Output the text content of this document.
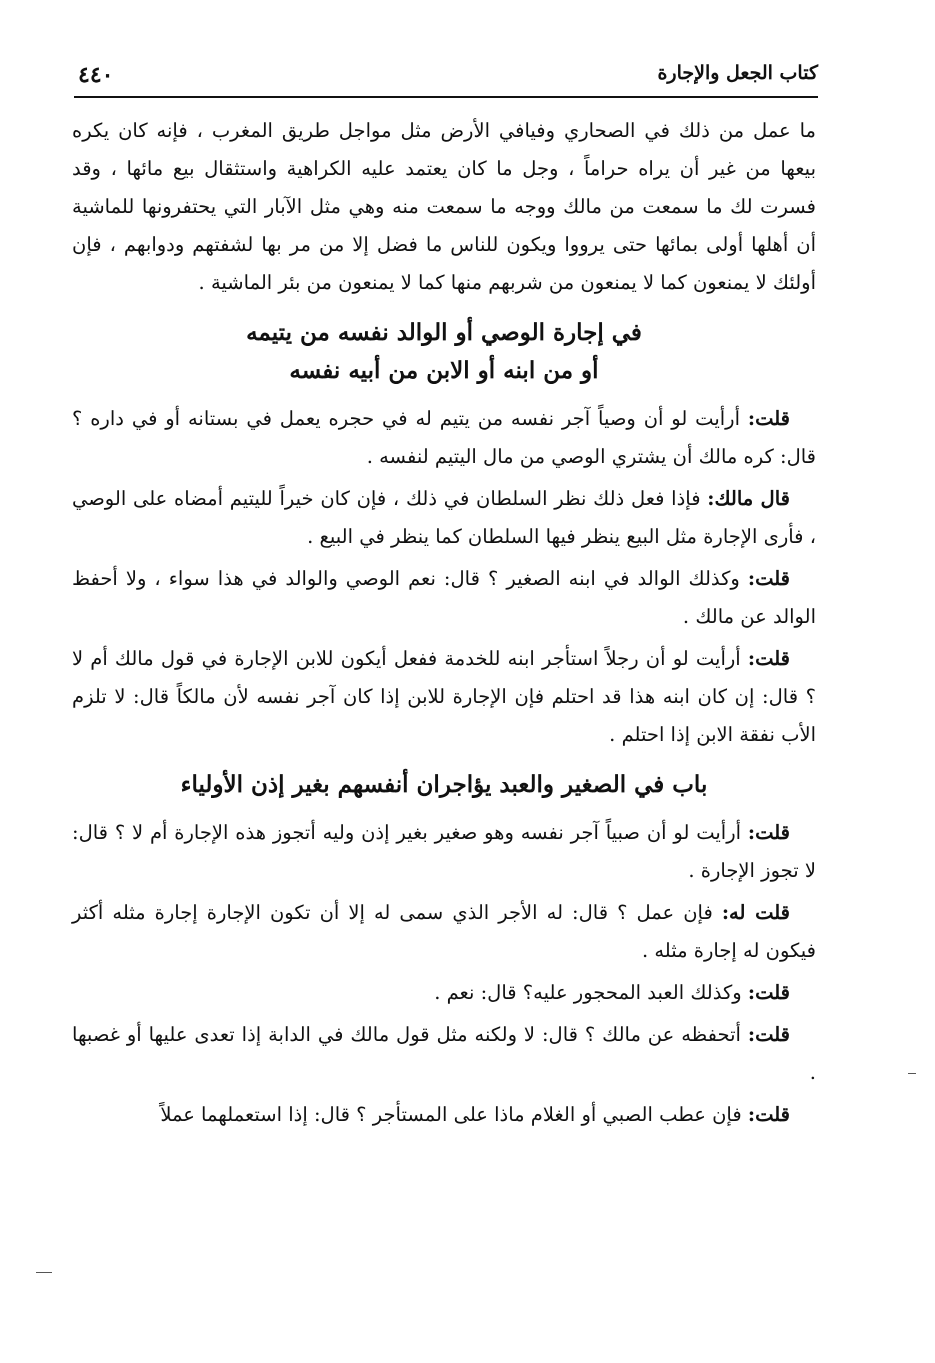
كتاب الجعل والإجارة
٤٤٠

ما عمل من ذلك في الصحاري وفيافي الأرض مثل مواجل طريق المغرب ، فإنه كان يكره بيعها من غير أن يراه حراماً ، وجل ما كان يعتمد عليه الكراهية واستثقال بيع مائها ، وقد فسرت لك ما سمعت من مالك ووجه ما سمعت منه وهي مثل الآبار التي يحتفرونها للماشية أن أهلها أولى بمائها حتى يرووا ويكون للناس ما فضل إلا من مر بها لشفتهم ودوابهم ، فإن أولئك لا يمنعون كما لا يمنعون من شربهم منها كما لا يمنعون من بئر الماشية .

في إجارة الوصي أو الوالد نفسه من يتيمه
أو من ابنه أو الابن من أبيه نفسه

قلت: أرأيت لو أن وصياً آجر نفسه من يتيم له في حجره يعمل في بستانه أو في داره ؟ قال: كره مالك أن يشتري الوصي من مال اليتيم لنفسه .

قال مالك: فإذا فعل ذلك نظر السلطان في ذلك ، فإن كان خيراً لليتيم أمضاه على الوصي ، فأرى الإجارة مثل البيع ينظر فيها السلطان كما ينظر في البيع .

قلت: وكذلك الوالد في ابنه الصغير ؟ قال: نعم الوصي والوالد في هذا سواء ، ولا أحفظ الوالد عن مالك .

قلت: أرأيت لو أن رجلاً استأجر ابنه للخدمة ففعل أيكون للابن الإجارة في قول مالك أم لا ؟ قال: إن كان ابنه هذا قد احتلم فإن الإجارة للابن إذا كان آجر نفسه لأن مالكاً قال: لا تلزم الأب نفقة الابن إذا احتلم .

باب في الصغير والعبد يؤاجران أنفسهم بغير إذن الأولياء

قلت: أرأيت لو أن صبياً آجر نفسه وهو صغير بغير إذن وليه أتجوز هذه الإجارة أم لا ؟ قال: لا تجوز الإجارة .

قلت له: فإن عمل ؟ قال: له الأجر الذي سمى له إلا أن تكون الإجارة إجارة مثله أكثر فيكون له إجارة مثله .

قلت: وكذلك العبد المحجور عليه؟ قال: نعم .

قلت: أتحفظه عن مالك ؟ قال: لا ولكنه مثل قول مالك في الدابة إذا تعدى عليها أو غصبها .

قلت: فإن عطب الصبي أو الغلام ماذا على المستأجر ؟ قال: إذا استعملهما عملاً
